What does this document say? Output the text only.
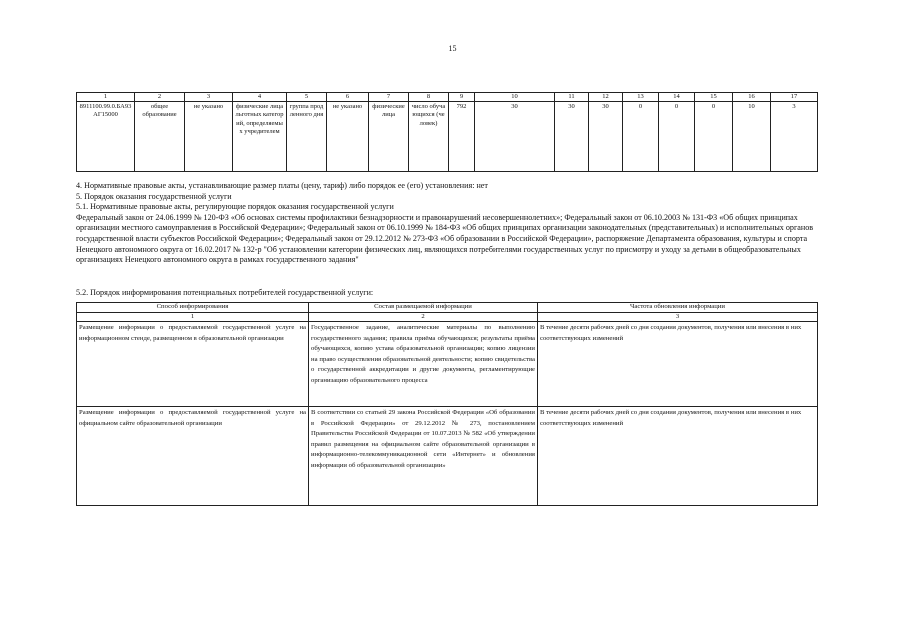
15
1	2	3	4	5	6	7	8	9	10	11	12	13	14	15	16	17
8911100.99.0.БА93АГ15000	общее образование	не указано	физические лица льготных категорий, определяемых учредителем	группа продленного дня	не указано	физические лица	число обучающихся (человек)	792	30	30	30	0	0	0	10	3

4. Нормативные правовые акты, устанавливающие размер платы (цену, тариф) либо порядок ее (его) установления: нет

5. Порядок оказания государственной услуги

5.1. Нормативные правовые акты, регулирующие порядок оказания государственной услуги

Федеральный закон от 24.06.1999 № 120-ФЗ «Об основах системы профилактики безнадзорности и правонарушений несовершеннолетних»; Федеральный закон от 06.10.2003 № 131-ФЗ «Об общих принципах организации местного самоуправления в Российской Федерации»; Федеральный закон от 06.10.1999 № 184-ФЗ «Об общих принципах организации законодательных (представительных) и исполнительных органов государственной власти субъектов Российской Федерации»; Федеральный закон от 29.12.2012 № 273-ФЗ «Об образовании в Российской Федерации», распоряжение Департамента образования, культуры и спорта Ненецкого автономного округа от 16.02.2017 № 132-р "Об установлении категории физических лиц, являющихся потребителями государственных услуг по присмотру и уходу за детьми в общеобразовательных организациях Ненецкого автономного округа в рамках государственного задания"

5.2. Порядок информирования потенциальных потребителей государственной услуги:
Способ информирования	Состав размещаемой информации	Частота обновления информации
1	2	3
Размещение информации о предоставляемой государственной услуге на информационном стенде, размещенном в образовательной организации	Государственное задание, аналитические материалы по выполнению государственного задания; правила приёма обучающихся; результаты приёма обучающихся, копию устава образовательной организации; копию лицензии на право осуществления образовательной деятельности; копию свидетельства о государственной аккредитации и другие документы, регламентирующие организацию образовательного процесса	В течение десяти рабочих дней со дня создания документов, получения или внесения в них соответствующих изменений
Размещение информации о предоставляемой государственной услуге на официальном сайте образовательной организации	В соответствии со статьей 29 закона Российской Федерации «Об образовании в Российской Федерации» от 29.12.2012 № 273, постановлением Правительства Российской Федерации от 10.07.2013 № 582 «Об утверждении правил размещения на официальном сайте образовательной организации в информационно-телекоммуникационной сети «Интернет» и обновления информации об образовательной организации»	В течение десяти рабочих дней со дня создания документов, получения или внесения в них соответствующих изменений
